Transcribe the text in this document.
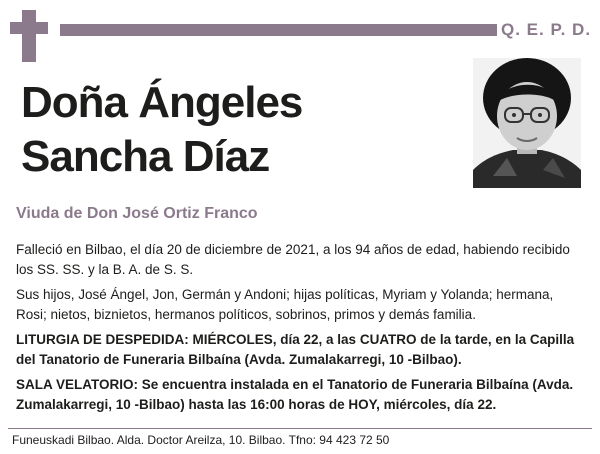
Q. E. P. D.
Doña Ángeles
Sancha Díaz
Viuda de Don José Ortiz Franco

Falleció en Bilbao, el día 20 de diciembre de 2021, a los 94 años de edad, habiendo recibido los SS. SS. y la B. A. de S. S.

Sus hijos, José Ángel, Jon, Germán y Andoni; hijas políticas, Myriam y Yolanda; hermana, Rosi; nietos, biznietos, hermanos políticos, sobrinos, primos y demás familia.

LITURGIA DE DESPEDIDA: MIÉRCOLES, día 22, a las CUATRO de la tarde, en la Capilla del Tanatorio de Funeraria Bilbaína (Avda. Zumalakarregi, 10 -Bilbao).

SALA VELATORIO: Se encuentra instalada en el Tanatorio de Funeraria Bilbaína (Avda. Zumalakarregi, 10 -Bilbao) hasta las 16:00 horas de HOY, miércoles, día 22.

Funeuskadi Bilbao. Alda. Doctor Areilza, 10. Bilbao. Tfno: 94 423 72 50
